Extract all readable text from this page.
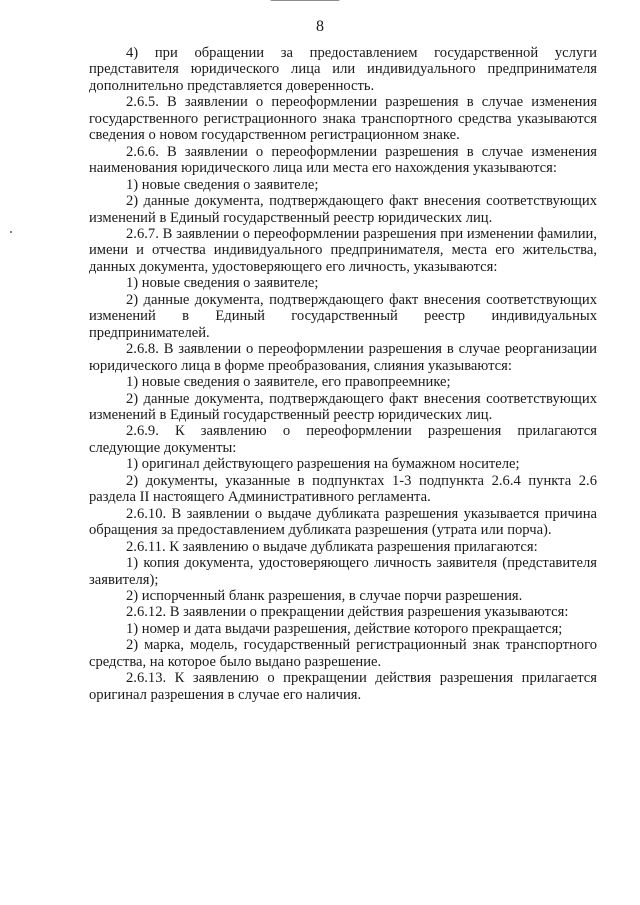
8

4) при обращении за предоставлением государственной услуги представителя юридического лица или индивидуального предпринимателя дополнительно представляется доверенность.

2.6.5. В заявлении о переоформлении разрешения в случае изменения государственного регистрационного знака транспортного средства указываются сведения о новом государственном регистрационном знаке.

2.6.6. В заявлении о переоформлении разрешения в случае изменения наименования юридического лица или места его нахождения указываются:

1) новые сведения о заявителе;

2) данные документа, подтверждающего факт внесения соответствующих изменений в Единый государственный реестр юридических лиц.

2.6.7. В заявлении о переоформлении разрешения при изменении фамилии, имени и отчества индивидуального предпринимателя, места его жительства, данных документа, удостоверяющего его личность, указываются:

1) новые сведения о заявителе;

2) данные документа, подтверждающего факт внесения соответствующих изменений в Единый государственный реестр индивидуальных предпринимателей.

2.6.8. В заявлении о переоформлении разрешения в случае реорганизации юридического лица в форме преобразования, слияния указываются:

1) новые сведения о заявителе, его правопреемнике;

2) данные документа, подтверждающего факт внесения соответствующих изменений в Единый государственный реестр юридических лиц.

2.6.9. К заявлению о переоформлении разрешения прилагаются следующие документы:

1) оригинал действующего разрешения на бумажном носителе;

2) документы, указанные в подпунктах 1-3 подпункта 2.6.4 пункта 2.6 раздела II настоящего Административного регламента.

2.6.10. В заявлении о выдаче дубликата разрешения указывается причина обращения за предоставлением дубликата разрешения (утрата или порча).

2.6.11. К заявлению о выдаче дубликата разрешения прилагаются:

1) копия документа, удостоверяющего личность заявителя (представителя заявителя);

2) испорченный бланк разрешения, в случае порчи разрешения.

2.6.12. В заявлении о прекращении действия разрешения указываются:

1) номер и дата выдачи разрешения, действие которого прекращается;

2) марка, модель, государственный регистрационный знак транспортного средства, на которое было выдано разрешение.

2.6.13. К заявлению о прекращении действия разрешения прилагается оригинал разрешения в случае его наличия.
